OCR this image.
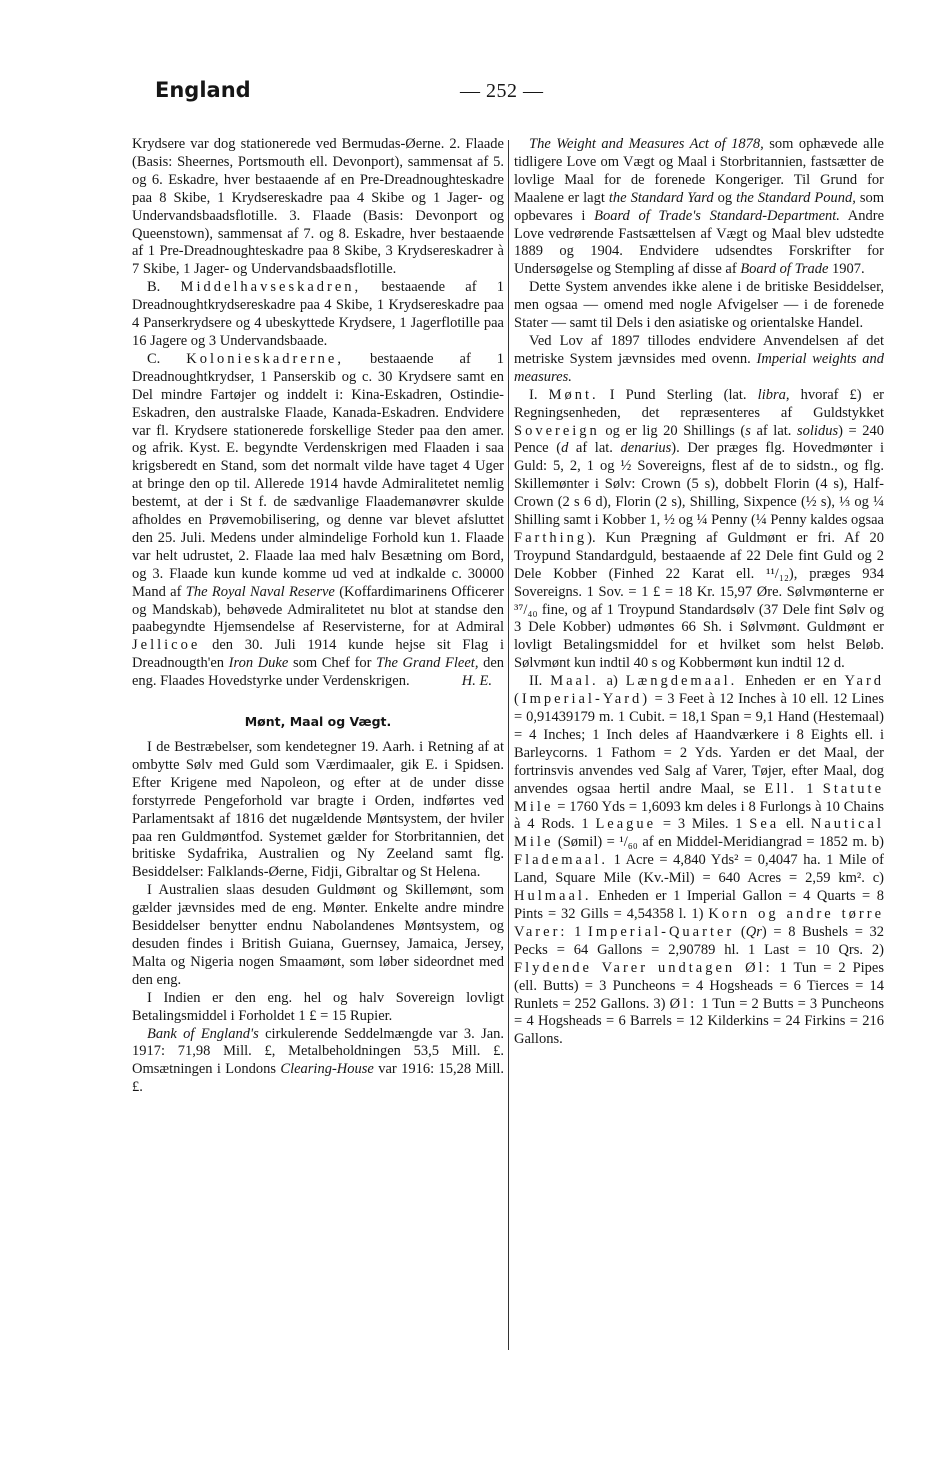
England	— 252 —

Krydsere var dog stationerede ved Bermudas-Øerne. 2. Flaade (Basis: Sheernes, Portsmouth ell. Devonport), sammensat af 5. og 6. Eskadre, hver bestaaende af en Pre-Dreadnoughteskadre paa 8 Skibe, 1 Krydsereskadre paa 4 Skibe og 1 Jager- og Undervandsbaadsflotille. 3. Flaade (Basis: Devonport og Queenstown), sammensat af 7. og 8. Eskadre, hver bestaaende af 1 Pre-Dreadnoughteskadre paa 8 Skibe, 3 Krydsereskadrer à 7 Skibe, 1 Jager- og Undervandsbaadsflotille.

B. Middelhavseskadren, bestaaende af 1 Dreadnoughtkrydsereskadre paa 4 Skibe, 1 Krydsereskadre paa 4 Panserkrydsere og 4 ubeskyttede Krydsere, 1 Jagerflotille paa 16 Jagere og 3 Undervandsbaade.

C. Kolonieskadrerne, bestaaende af 1 Dreadnoughtkrydser, 1 Panserskib og c. 30 Krydsere samt en Del mindre Fartøjer og inddelt i: Kina-Eskadren, Ostindie-Eskadren, den australske Flaade, Kanada-Eskadren. Endvidere var fl. Krydsere stationerede forskellige Steder paa den amer. og afrik. Kyst. E. begyndte Verdenskrigen med Flaaden i saa krigsberedt en Stand, som det normalt vilde have taget 4 Uger at bringe den op til. Allerede 1914 havde Admiralitetet nemlig bestemt, at der i St f. de sædvanlige Flaademanøvrer skulde afholdes en Prøvemobilisering, og denne var blevet afsluttet den 25. Juli. Medens under almindelige Forhold kun 1. Flaade var helt udrustet, 2. Flaade laa med halv Besætning om Bord, og 3. Flaade kun kunde komme ud ved at indkalde c. 30000 Mand af The Royal Naval Reserve (Koffardimarinens Officerer og Mandskab), behøvede Admiralitetet nu blot at standse den paabegyndte Hjemsendelse af Reservisterne, for at Admiral Jellicoe den 30. Juli 1914 kunde hejse sit Flag i Dreadnougth'en Iron Duke som Chef for The Grand Fleet, den eng. Flaades Hovedstyrke under Verdenskrigen.	H. E.

Mønt, Maal og Vægt.

I de Bestræbelser, som kendetegner 19. Aarh. i Retning af at ombytte Sølv med Guld som Værdimaaler, gik E. i Spidsen. Efter Krigene med Napoleon, og efter at de under disse forstyrrede Pengeforhold var bragte i Orden, indførtes ved Parlamentsakt af 1816 det nugældende Møntsystem, der hviler paa ren Guldmøntfod. Systemet gælder for Storbritannien, det britiske Sydafrika, Australien og Ny Zeeland samt flg. Besiddelser: Falklands-Øerne, Fidji, Gibraltar og St Helena.

I Australien slaas desuden Guldmønt og Skillemønt, som gælder jævnsides med de eng. Mønter. Enkelte andre mindre Besiddelser benytter endnu Nabolandenes Møntsystem, og desuden findes i British Guiana, Guernsey, Jamaica, Jersey, Malta og Nigeria nogen Smaamønt, som løber sideordnet med den eng.

I Indien er den eng. hel og halv Sovereign lovligt Betalingsmiddel i Forholdet 1 £ = 15 Rupier.

Bank of England's cirkulerende Seddelmængde var 3. Jan. 1917: 71,98 Mill. £, Metalbeholdningen 53,5 Mill. £. Omsætningen i Londons Clearing-House var 1916: 15,28 Mill. £.

The Weight and Measures Act of 1878, som ophævede alle tidligere Love om Vægt og Maal i Storbritannien, fastsætter de lovlige Maal for de forenede Kongeriger. Til Grund for Maalene er lagt the Standard Yard og the Standard Pound, som opbevares i Board of Trade's Standard-Department. Andre Love vedrørende Fastsættelsen af Vægt og Maal blev udstedte 1889 og 1904. Endvidere udsendtes Forskrifter for Undersøgelse og Stempling af disse af Board of Trade 1907.

Dette System anvendes ikke alene i de britiske Besiddelser, men ogsaa — omend med nogle Afvigelser — i de forenede Stater — samt til Dels i den asiatiske og orientalske Handel.

Ved Lov af 1897 tillodes endvidere Anvendelsen af det metriske System jævnsides med ovenn. Imperial weights and measures.

I. Mønt. I Pund Sterling (lat. libra, hvoraf £) er Regningsenheden, det repræsenteres af Guldstykket Sovereign og er lig 20 Shillings (s af lat. solidus) = 240 Pence (d af lat. denarius). Der præges flg. Hovedmønter i Guld: 5, 2, 1 og ½ Sovereigns, flest af de to sidstn., og flg. Skillemønter i Sølv: Crown (5 s), dobbelt Florin (4 s), Half-Crown (2 s 6 d), Florin (2 s), Shilling, Sixpence (½ s), ⅓ og ¼ Shilling samt i Kobber 1, ½ og ¼ Penny (¼ Penny kaldes ogsaa Farthing). Kun Prægning af Guldmønt er fri. Af 20 Troypund Standardguld, bestaaende af 22 Dele fint Guld og 2 Dele Kobber (Finhed 22 Karat ell. ¹¹/₁₂), præges 934 Sovereigns. 1 Sov. = 1 £ = 18 Kr. 15,97 Øre. Sølvmønterne er ³⁷/₄₀ fine, og af 1 Troypund Standardsølv (37 Dele fint Sølv og 3 Dele Kobber) udmøntes 66 Sh. i Sølvmønt. Guldmønt er lovligt Betalingsmiddel for et hvilket som helst Beløb. Sølvmønt kun indtil 40 s og Kobbermønt kun indtil 12 d.

II. Maal. a) Længdemaal. Enheden er en Yard (Imperial-Yard) = 3 Feet à 12 Inches à 10 ell. 12 Lines = 0,91439179 m. 1 Cubit. = 18,1 Span = 9,1 Hand (Hestemaal) = 4 Inches; 1 Inch deles af Haandværkere i 8 Eights ell. i Barleycorns. 1 Fathom = 2 Yds. Yarden er det Maal, der fortrinsvis anvendes ved Salg af Varer, Tøjer, efter Maal, dog anvendes ogsaa hertil andre Maal, se Ell. 1 Statute Mile = 1760 Yds = 1,6093 km deles i 8 Furlongs à 10 Chains à 4 Rods. 1 League = 3 Miles. 1 Sea ell. Nautical Mile (Sømil) = ¹/₆₀ af en Middel-Meridiangrad = 1852 m. b) Flademaal. 1 Acre = 4,840 Yds² = 0,4047 ha. 1 Mile of Land, Square Mile (Kv.-Mil) = 640 Acres = 2,59 km². c) Hulmaal. Enheden er 1 Imperial Gallon = 4 Quarts = 8 Pints = 32 Gills = 4,54358 l. 1) Korn og andre tørre Varer: 1 Imperial-Quarter (Qr) = 8 Bushels = 32 Pecks = 64 Gallons = 2,90789 hl. 1 Last = 10 Qrs. 2) Flydende Varer undtagen Øl: 1 Tun = 2 Pipes (ell. Butts) = 3 Puncheons = 4 Hogsheads = 6 Tierces = 14 Runlets = 252 Gallons. 3) Øl: 1 Tun = 2 Butts = 3 Puncheons = 4 Hogsheads = 6 Barrels = 12 Kilderkins = 24 Firkins = 216 Gallons.
